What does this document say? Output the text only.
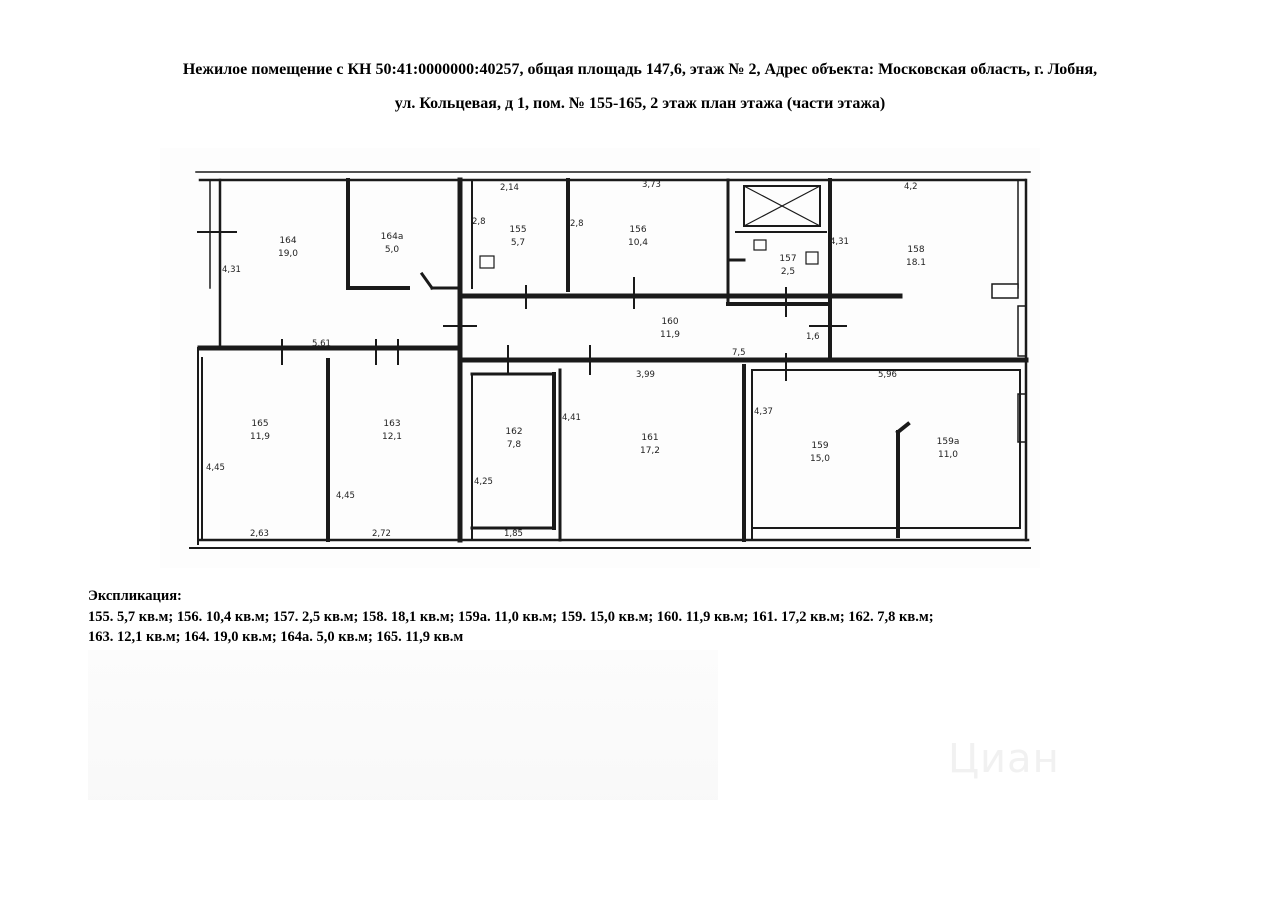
Нежилое помещение с КН 50:41:0000000:40257, общая площадь 147,6, этаж № 2, Адрес объекта: Московская область, г. Лобня,
ул. Кольцевая, д 1, пом. № 155-165, 2 этаж план этажа (части этажа)
164
19,0
164а
5,0
155
5,7
156
10,4
157
2,5
158
18.1
160
11,9
165
11,9
163
12,1	162
7,8
161
17,2	159
15,0
159а
11,0
2,14	3,73	4,2
2,8	2,8
4,31
4,31
5,61
1,6
7,5
3,99	5,96
4,41
4,37
4,45
4,45
4,25
2,63	2,72	1,85
Экспликация:
155. 5,7 кв.м; 156. 10,4 кв.м; 157. 2,5 кв.м; 158. 18,1 кв.м; 159а. 11,0 кв.м; 159. 15,0 кв.м; 160. 11,9 кв.м; 161. 17,2 кв.м; 162. 7,8 кв.м;
163. 12,1 кв.м; 164. 19,0 кв.м; 164а. 5,0 кв.м; 165. 11,9 кв.м
Циан
